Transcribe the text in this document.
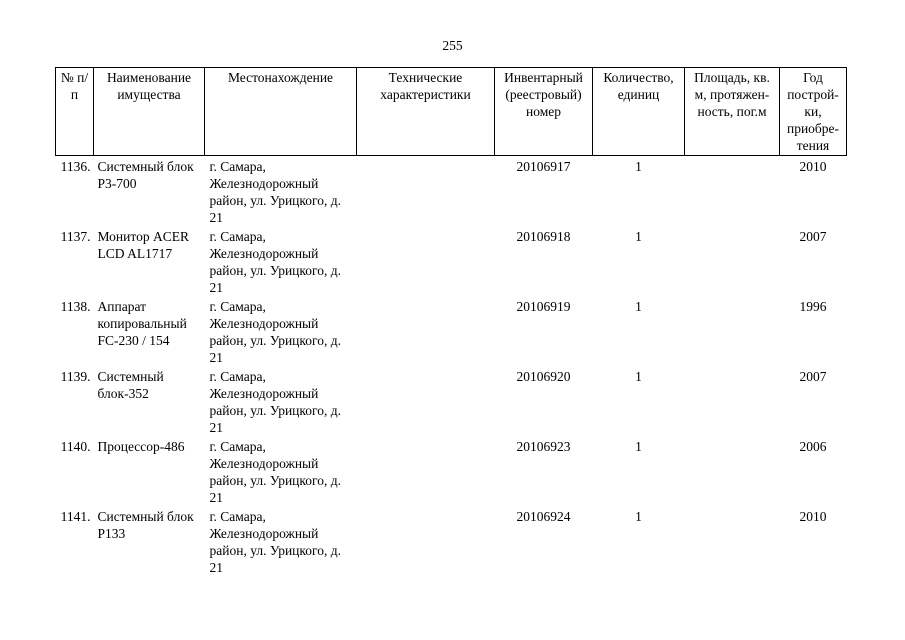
255
№ п/п	Наименование имущества	Местонахождение	Технические характеристики	Инвентарный (реестровый) номер	Количество, единиц	Площадь, кв. м, протяжен-ность, пог.м	Год построй-ки, приобре-тения
1136.	Системный блок Р3-700	г. Самара, Железнодорожный район, ул. Урицкого, д. 21		20106917	1		2010
1137.	Монитор ACER LCD AL1717	г. Самара, Железнодорожный район, ул. Урицкого, д. 21		20106918	1		2007
1138.	Аппарат копировальный FC-230 / 154	г. Самара, Железнодорожный район, ул. Урицкого, д. 21		20106919	1		1996
1139.	Системный блок-352	г. Самара, Железнодорожный район, ул. Урицкого, д. 21		20106920	1		2007
1140.	Процессор-486	г. Самара, Железнодорожный район, ул. Урицкого, д. 21		20106923	1		2006
1141.	Системный блок Р133	г. Самара, Железнодорожный район, ул. Урицкого, д. 21		20106924	1		2010
